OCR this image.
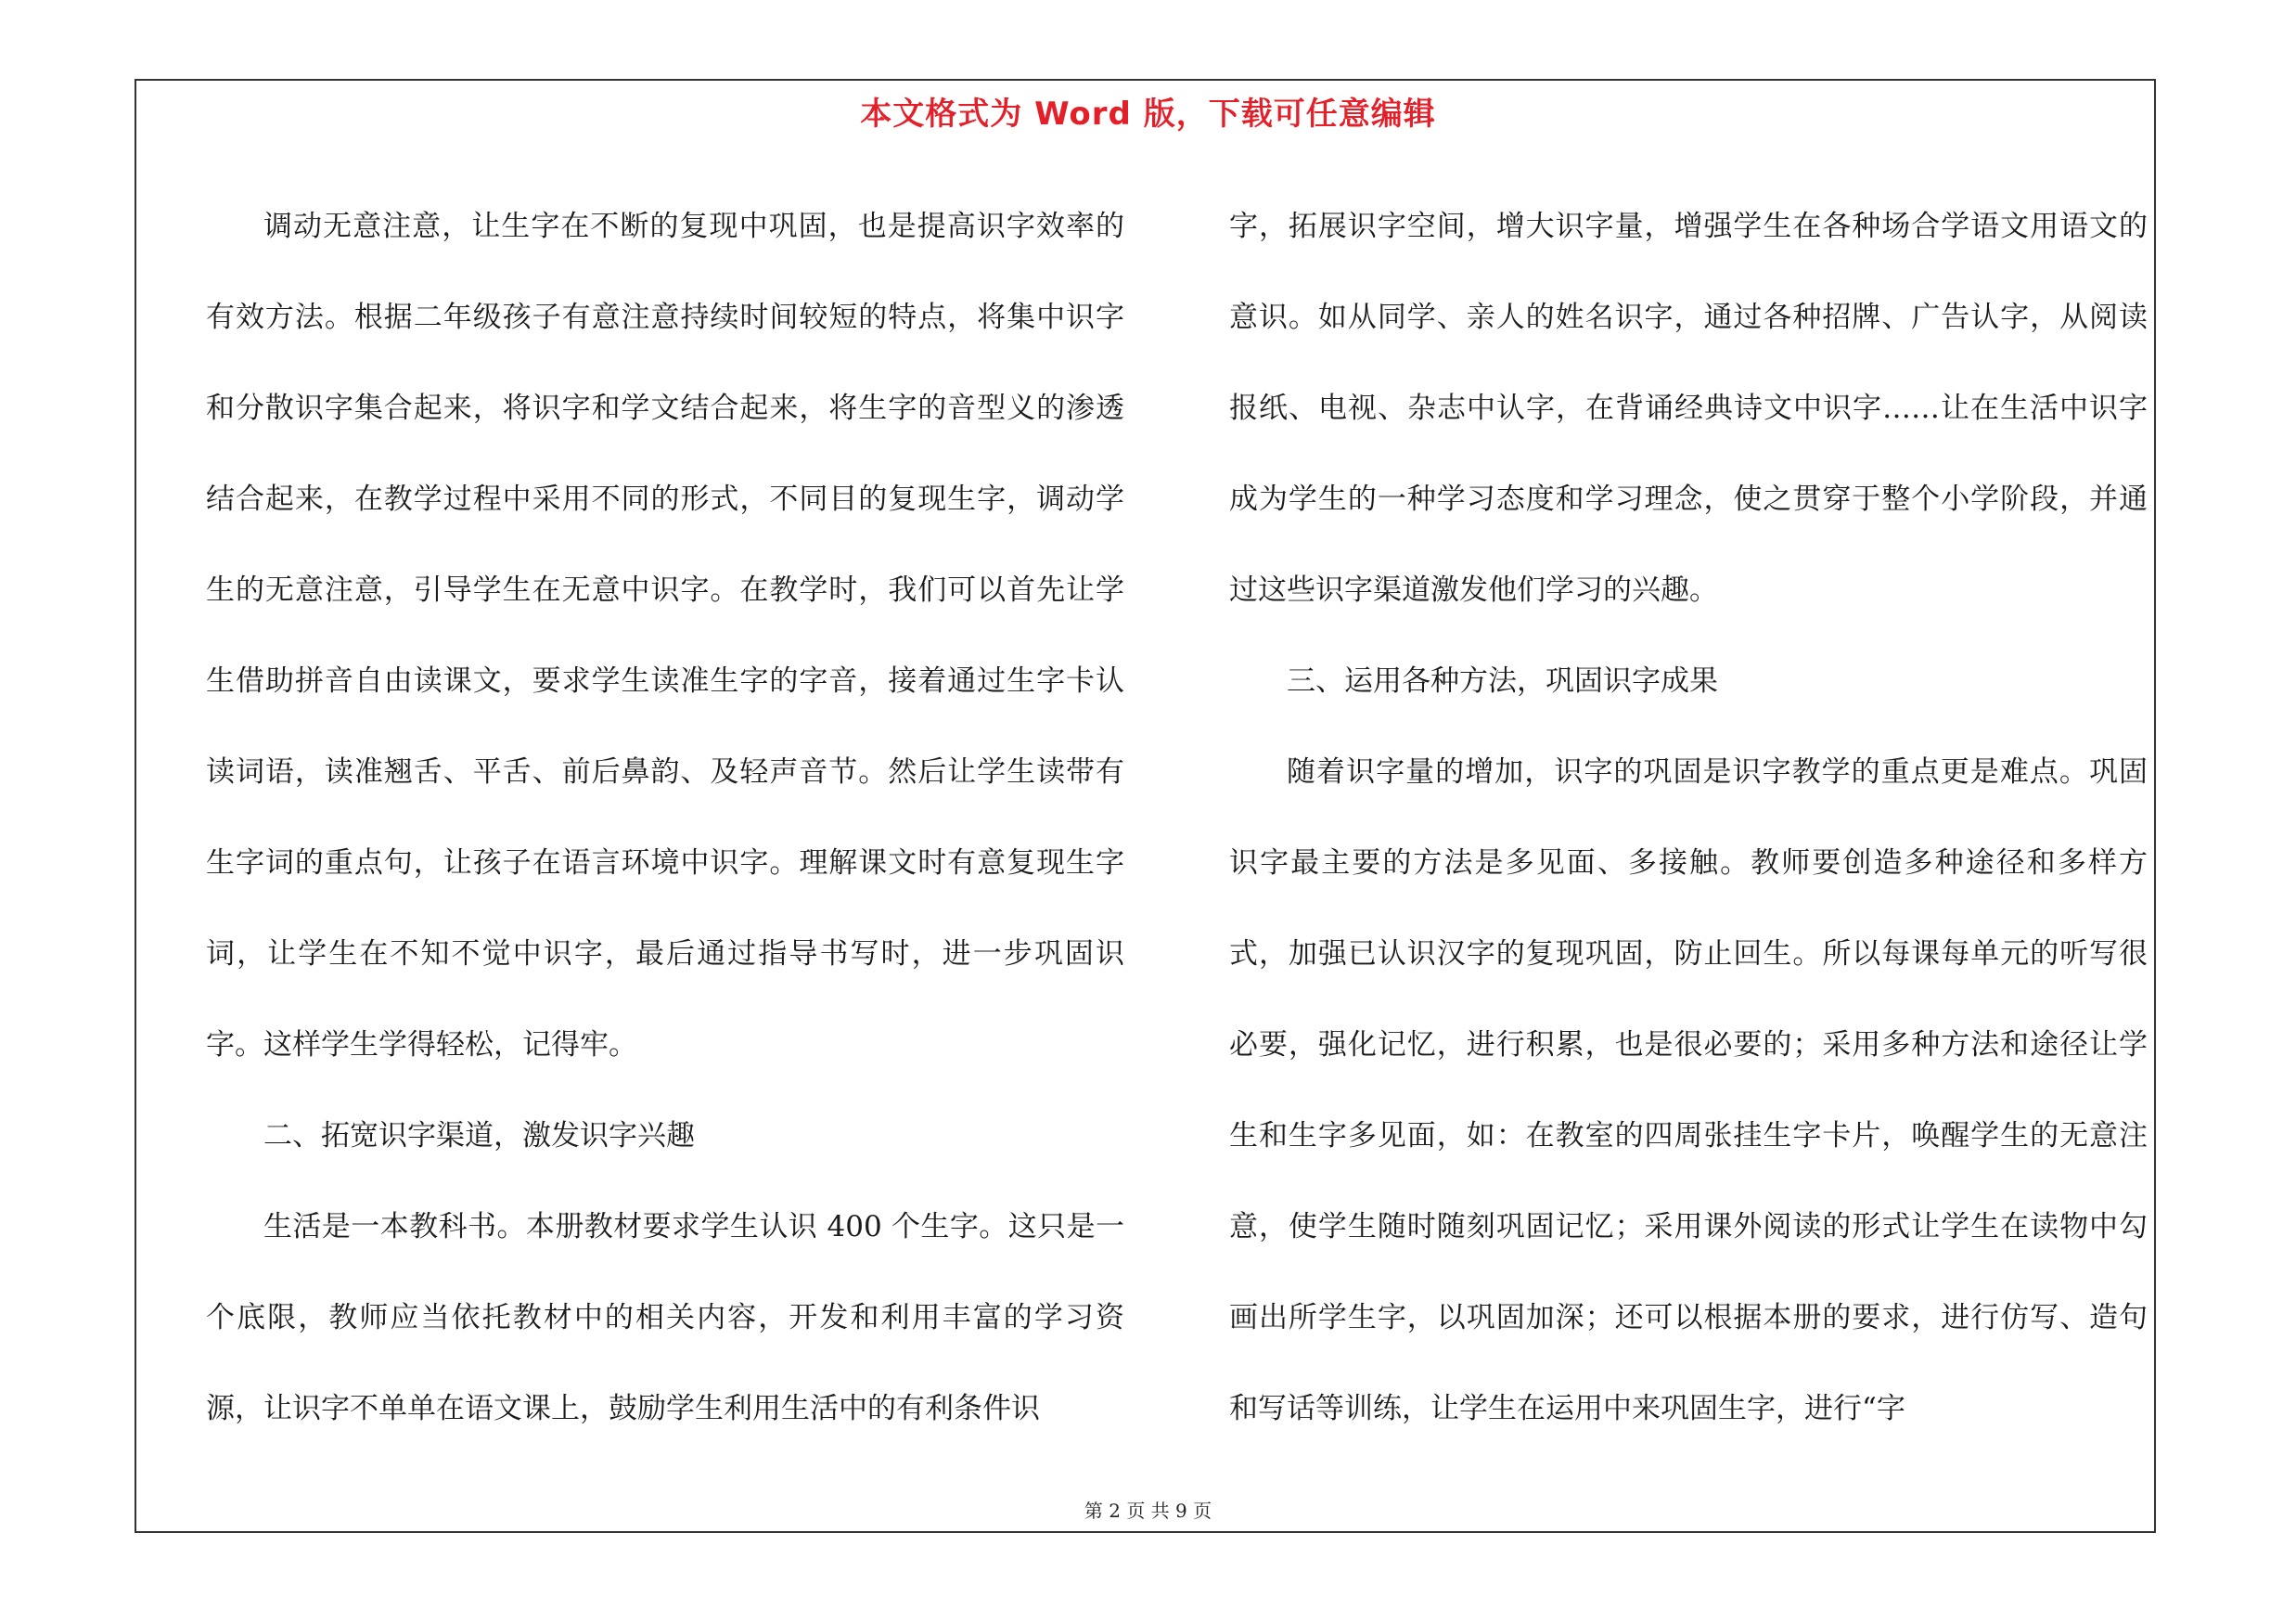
本文格式为 Word 版，下载可任意编辑

调动无意注意，让生字在不断的复现中巩固，也是提高识字效率的有效方法。根据二年级孩子有意注意持续时间较短的特点，将集中识字和分散识字集合起来，将识字和学文结合起来，将生字的音型义的渗透结合起来，在教学过程中采用不同的形式，不同目的复现生字，调动学生的无意注意，引导学生在无意中识字。在教学时，我们可以首先让学生借助拼音自由读课文，要求学生读准生字的字音，接着通过生字卡认读词语，读准翘舌、平舌、前后鼻韵、及轻声音节。然后让学生读带有生字词的重点句，让孩子在语言环境中识字。理解课文时有意复现生字词，让学生在不知不觉中识字，最后通过指导书写时，进一步巩固识字。这样学生学得轻松，记得牢。

二、拓宽识字渠道，激发识字兴趣

生活是一本教科书。本册教材要求学生认识 400 个生字。这只是一个底限，教师应当依托教材中的相关内容，开发和利用丰富的学习资源，让识字不单单在语文课上，鼓励学生利用生活中的有利条件识

字，拓展识字空间，增大识字量，增强学生在各种场合学语文用语文的意识。如从同学、亲人的姓名识字，通过各种招牌、广告认字，从阅读报纸、电视、杂志中认字，在背诵经典诗文中识字……让在生活中识字成为学生的一种学习态度和学习理念，使之贯穿于整个小学阶段，并通过这些识字渠道激发他们学习的兴趣。

三、运用各种方法，巩固识字成果

随着识字量的增加，识字的巩固是识字教学的重点更是难点。巩固识字最主要的方法是多见面、多接触。教师要创造多种途径和多样方式，加强已认识汉字的复现巩固，防止回生。所以每课每单元的听写很必要，强化记忆，进行积累，也是很必要的；采用多种方法和途径让学生和生字多见面，如：在教室的四周张挂生字卡片，唤醒学生的无意注意，使学生随时随刻巩固记忆；采用课外阅读的形式让学生在读物中勾画出所学生字，以巩固加深；还可以根据本册的要求，进行仿写、造句和写话等训练，让学生在运用中来巩固生字，进行“字

第 2 页 共 9 页
